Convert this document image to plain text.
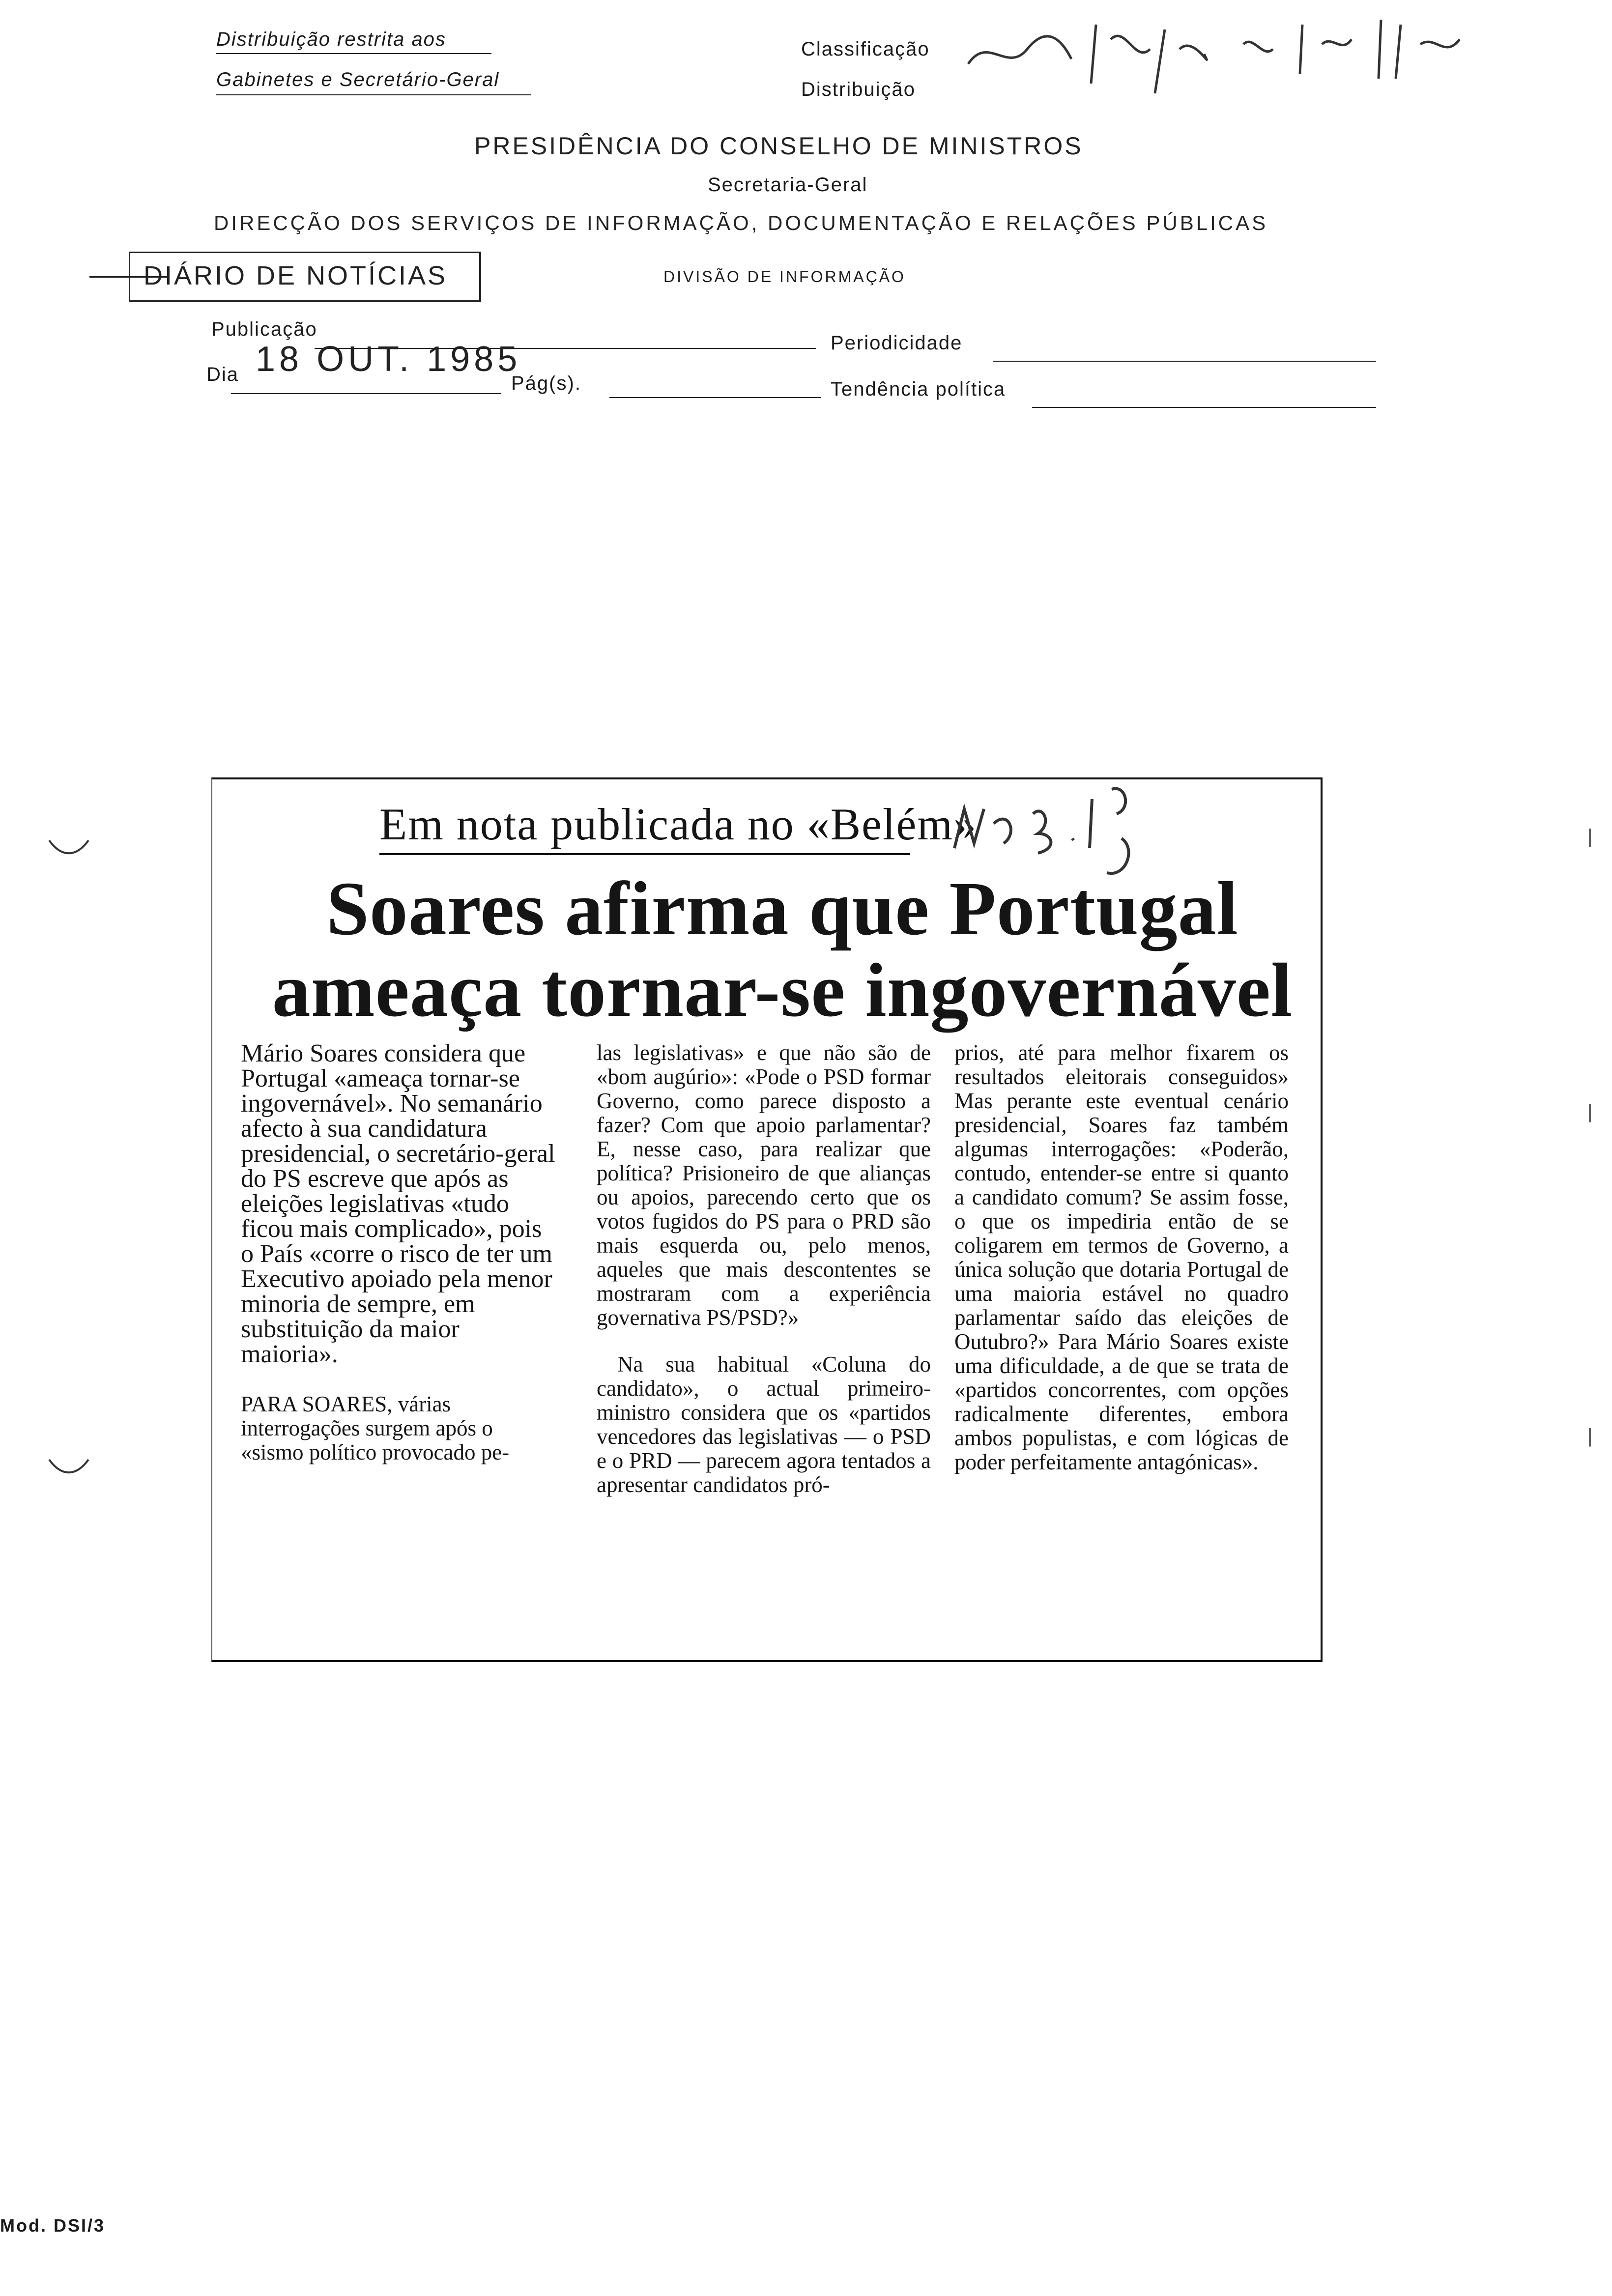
Distribuição restrita aos
Gabinetes e Secretário-Geral
Classificação
Distribuição
PRESIDÊNCIA DO CONSELHO DE MINISTROS
Secretaria-Geral
DIRECÇÃO DOS SERVIÇOS DE INFORMAÇÃO, DOCUMENTAÇÃO E RELAÇÕES PÚBLICAS
DIÁRIO DE NOTÍCIAS	DIVISÃO DE INFORMAÇÃO
Publicação
Periodicidade
Dia 18 OUT. 1985
Pág(s).	Tendência política
Em nota publicada no «Belém»
Soares afirma que Portugal
ameaça tornar-se ingovernável

Mário Soares considera que Portugal «ameaça tornar-se ingovernável». No semanário afecto à sua candidatura presidencial, o secretário-geral do PS escreve que após as eleições legislativas «tudo ficou mais complicado», pois o País «corre o risco de ter um Executivo apoiado pela menor minoria de sempre, em substituição da maior maioria».

PARA SOARES, várias interrogações surgem após o «sismo político provocado pe-

las legislativas» e que não são de «bom augúrio»: «Pode o PSD formar Governo, como parece disposto a fazer? Com que apoio parlamentar? E, nesse caso, para realizar que política? Prisioneiro de que alianças ou apoios, parecendo certo que os votos fugidos do PS para o PRD são mais esquerda ou, pelo menos, aqueles que mais descontentes se mostraram com a experiência governativa PS/PSD?»

Na sua habitual «Coluna do candidato», o actual primeiro-ministro considera que os «partidos vencedores das legislativas — o PSD e o PRD — parecem agora tentados a apresentar candidatos pró-

prios, até para melhor fixarem os resultados eleitorais conseguidos» Mas perante este eventual cenário presidencial, Soares faz também algumas interrogações: «Poderão, contudo, entender-se entre si quanto a candidato comum? Se assim fosse, o que os impediria então de se coligarem em termos de Governo, a única solução que dotaria Portugal de uma maioria estável no quadro parlamentar saído das eleições de Outubro?» Para Mário Soares existe uma dificuldade, a de que se trata de «partidos concorrentes, com opções radicalmente diferentes, embora ambos populistas, e com lógicas de poder perfeitamente antagónicas».

|
|
|
Mod. DSI/3
